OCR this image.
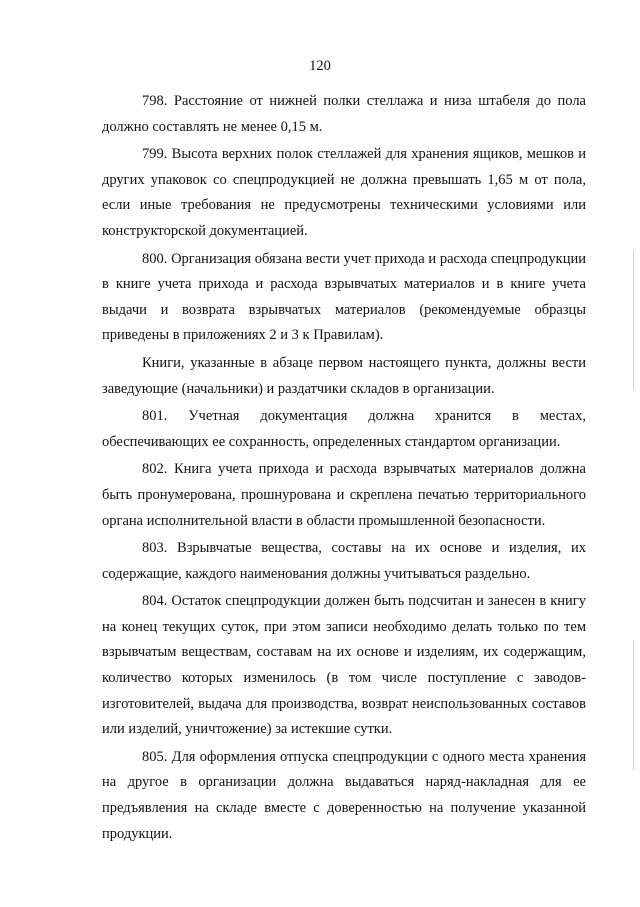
120

798. Расстояние от нижней полки стеллажа и низа штабеля до пола должно составлять не менее 0,15 м.

799. Высота верхних полок стеллажей для хранения ящиков, мешков и других упаковок со спецпродукцией не должна превышать 1,65 м от пола, если иные требования не предусмотрены техническими условиями или конструкторской документацией.

800. Организация обязана вести учет прихода и расхода спецпродукции в книге учета прихода и расхода взрывчатых материалов и в книге учета выдачи и возврата взрывчатых материалов (рекомендуемые образцы приведены в приложениях 2 и 3 к Правилам).

Книги, указанные в абзаце первом настоящего пункта, должны вести заведующие (начальники) и раздатчики складов в организации.

801. Учетная документация должна хранится в местах, обеспечивающих ее сохранность, определенных стандартом организации.

802. Книга учета прихода и расхода взрывчатых материалов должна быть пронумерована, прошнурована и скреплена печатью территориального органа исполнительной власти в области промышленной безопасности.

803. Взрывчатые вещества, составы на их основе и изделия, их содержащие, каждого наименования должны учитываться раздельно.

804. Остаток спецпродукции должен быть подсчитан и занесен в книгу на конец текущих суток, при этом записи необходимо делать только по тем взрывчатым веществам, составам на их основе и изделиям, их содержащим, количество которых изменилось (в том числе поступление с заводов-изготовителей, выдача для производства, возврат неиспользованных составов или изделий, уничтожение) за истекшие сутки.

805. Для оформления отпуска спецпродукции с одного места хранения на другое в организации должна выдаваться наряд-накладная для ее предъявления на складе вместе с доверенностью на получение указанной продукции.
